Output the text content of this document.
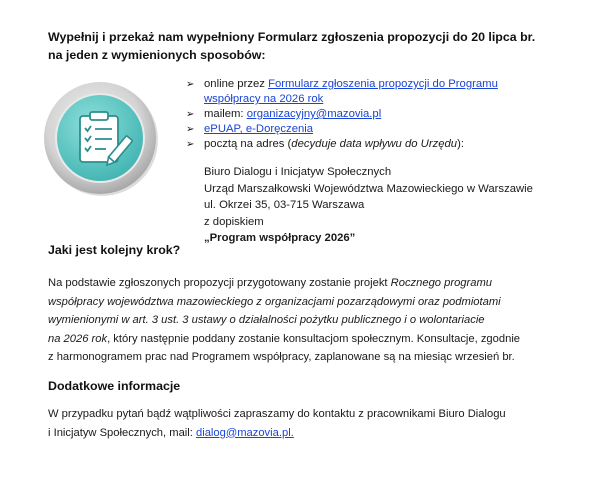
Wypełnij i przekaż nam wypełniony Formularz zgłoszenia propozycji do 20 lipca br.
na jeden z wymienionych sposobów:
➢ online przez Formularz zgłoszenia propozycji do Programu
współpracy na 2026 rok
➢ mailem: organizacyjny@mazovia.pl
➢ ePUAP, e-Doręczenia
➢ pocztą na adres (decyduje data wpływu do Urzędu):
Biuro Dialogu i Inicjatyw Społecznych
Urząd Marszałkowski Województwa Mazowieckiego w Warszawie
ul. Okrzei 35, 03-715 Warszawa
z dopiskiem
„Program współpracy 2026”
Jaki jest kolejny krok?
Na podstawie zgłoszonych propozycji przygotowany zostanie projekt Rocznego programu
współpracy województwa mazowieckiego z organizacjami pozarządowymi oraz podmiotami
wymienionymi w art. 3 ust. 3 ustawy o działalności pożytku publicznego i o wolontariacie
na 2026 rok, który następnie poddany zostanie konsultacjom społecznym. Konsultacje, zgodnie
z harmonogramem prac nad Programem współpracy, zaplanowane są na miesiąc wrzesień br.
Dodatkowe informacje
W przypadku pytań bądź wątpliwości zapraszamy do kontaktu z pracownikami Biuro Dialogu
i Inicjatyw Społecznych, mail: dialog@mazovia.pl.
